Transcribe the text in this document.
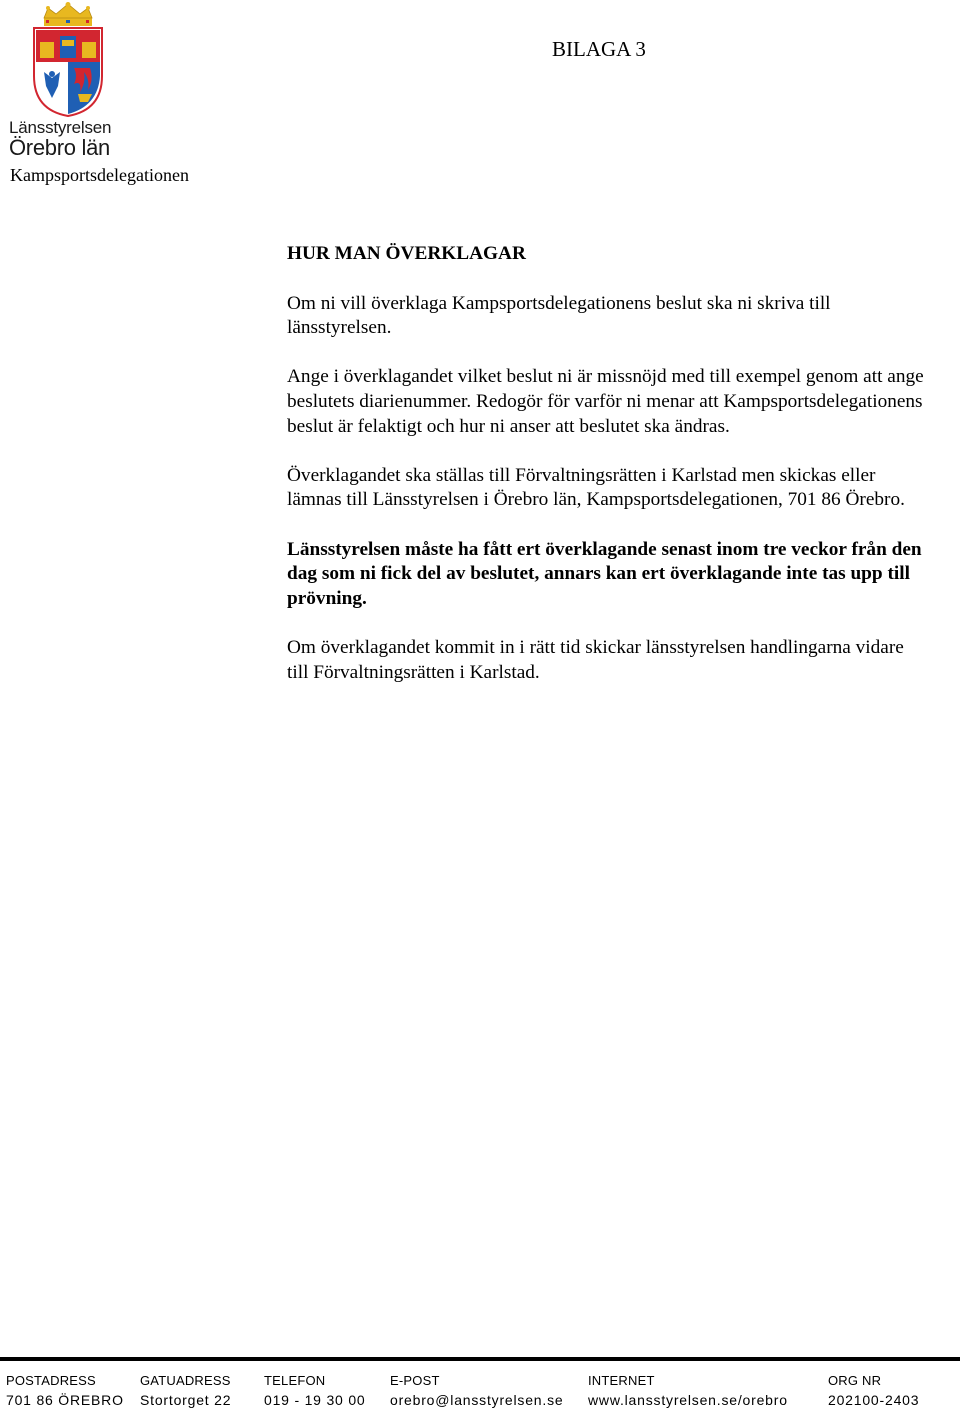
Länsstyrelsen
Örebro län
Kampsportsdelegationen
BILAGA 3
HUR MAN ÖVERKLAGAR

Om ni vill överklaga Kampsportsdelegationens beslut ska ni skriva till länsstyrelsen.

Ange i överklagandet vilket beslut ni är missnöjd med till exempel genom att ange beslutets diarienummer. Redogör för varför ni menar att Kampsportsdelegationens beslut är felaktigt och hur ni anser att beslutet ska ändras.

Överklagandet ska ställas till Förvaltningsrätten i Karlstad men skickas eller lämnas till Länsstyrelsen i Örebro län, Kampsportsdelegationen, 701 86 Örebro.

Länsstyrelsen måste ha fått ert överklagande senast inom tre veckor från den dag som ni fick del av beslutet, annars kan ert överklagande inte tas upp till prövning.

Om överklagandet kommit in i rätt tid skickar länsstyrelsen handlingarna vidare till Förvaltningsrätten i Karlstad.

POSTADRESS
701 86 ÖREBRO
GATUADRESS
Stortorget 22
TELEFON
019 - 19 30 00
E-POST
orebro@lansstyrelsen.se
INTERNET
www.lansstyrelsen.se/orebro
ORG NR
202100-2403
